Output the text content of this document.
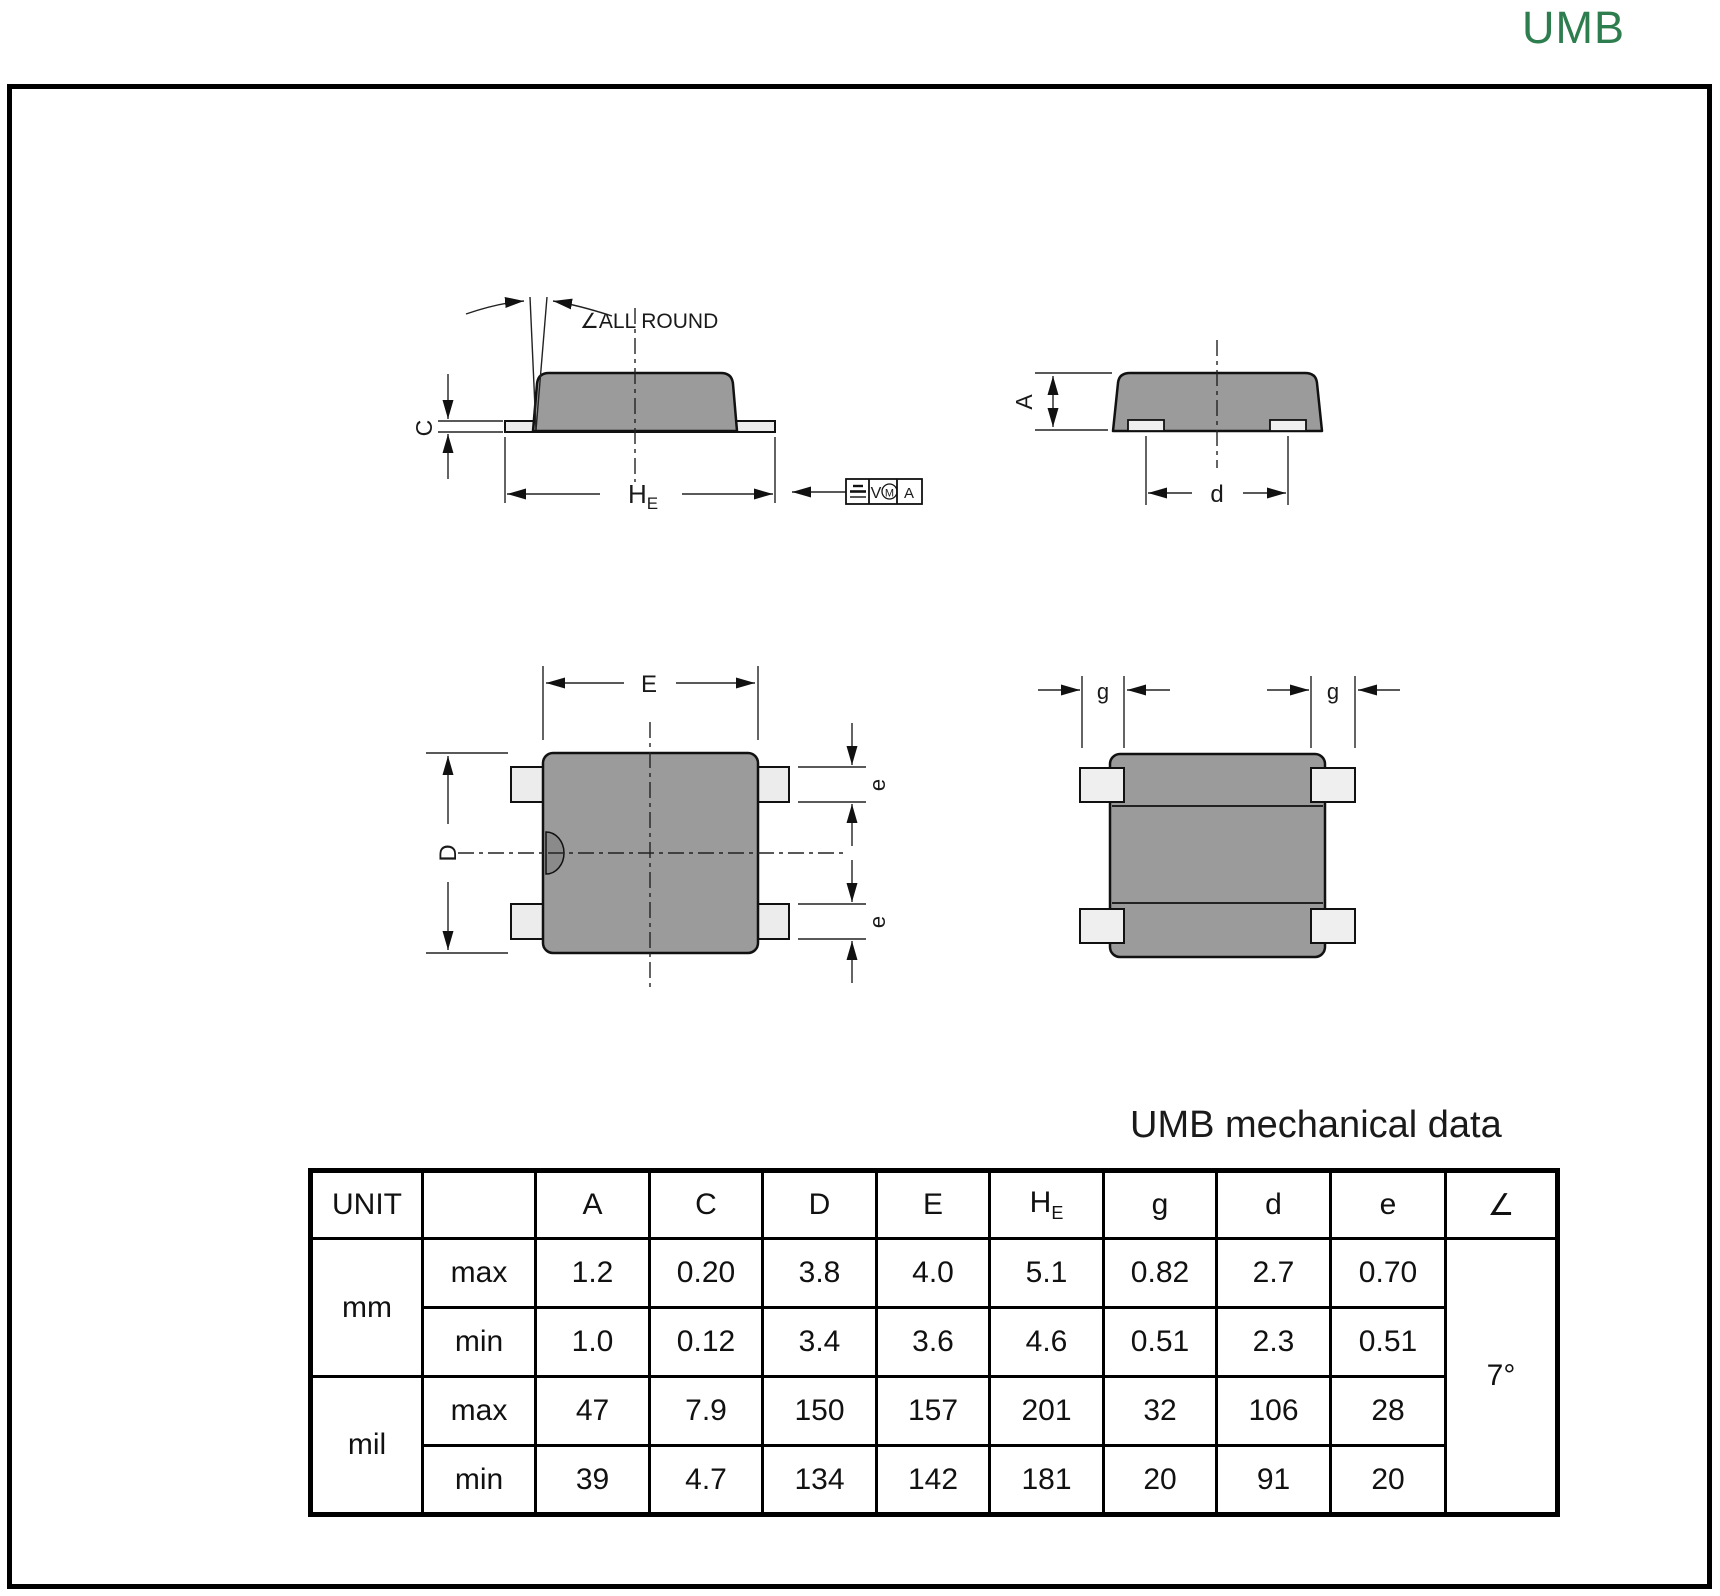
UMB
∠ALL ROUND
C
$H_E$
V M A
A
d
E
D
e
e
g	g
UMB mechanical data
UNIT		A	C	D	E	$H_E$	g	d	e	∠
mm	max	1.2	0.20	3.8	4.0	5.1	0.82	2.7	0.70	7°
	min	1.0	0.12	3.4	3.6	4.6	0.51	2.3	0.51	
mil	max	47	7.9	150	157	201	32	106	28	
	min	39	4.7	134	142	181	20	91	20	
